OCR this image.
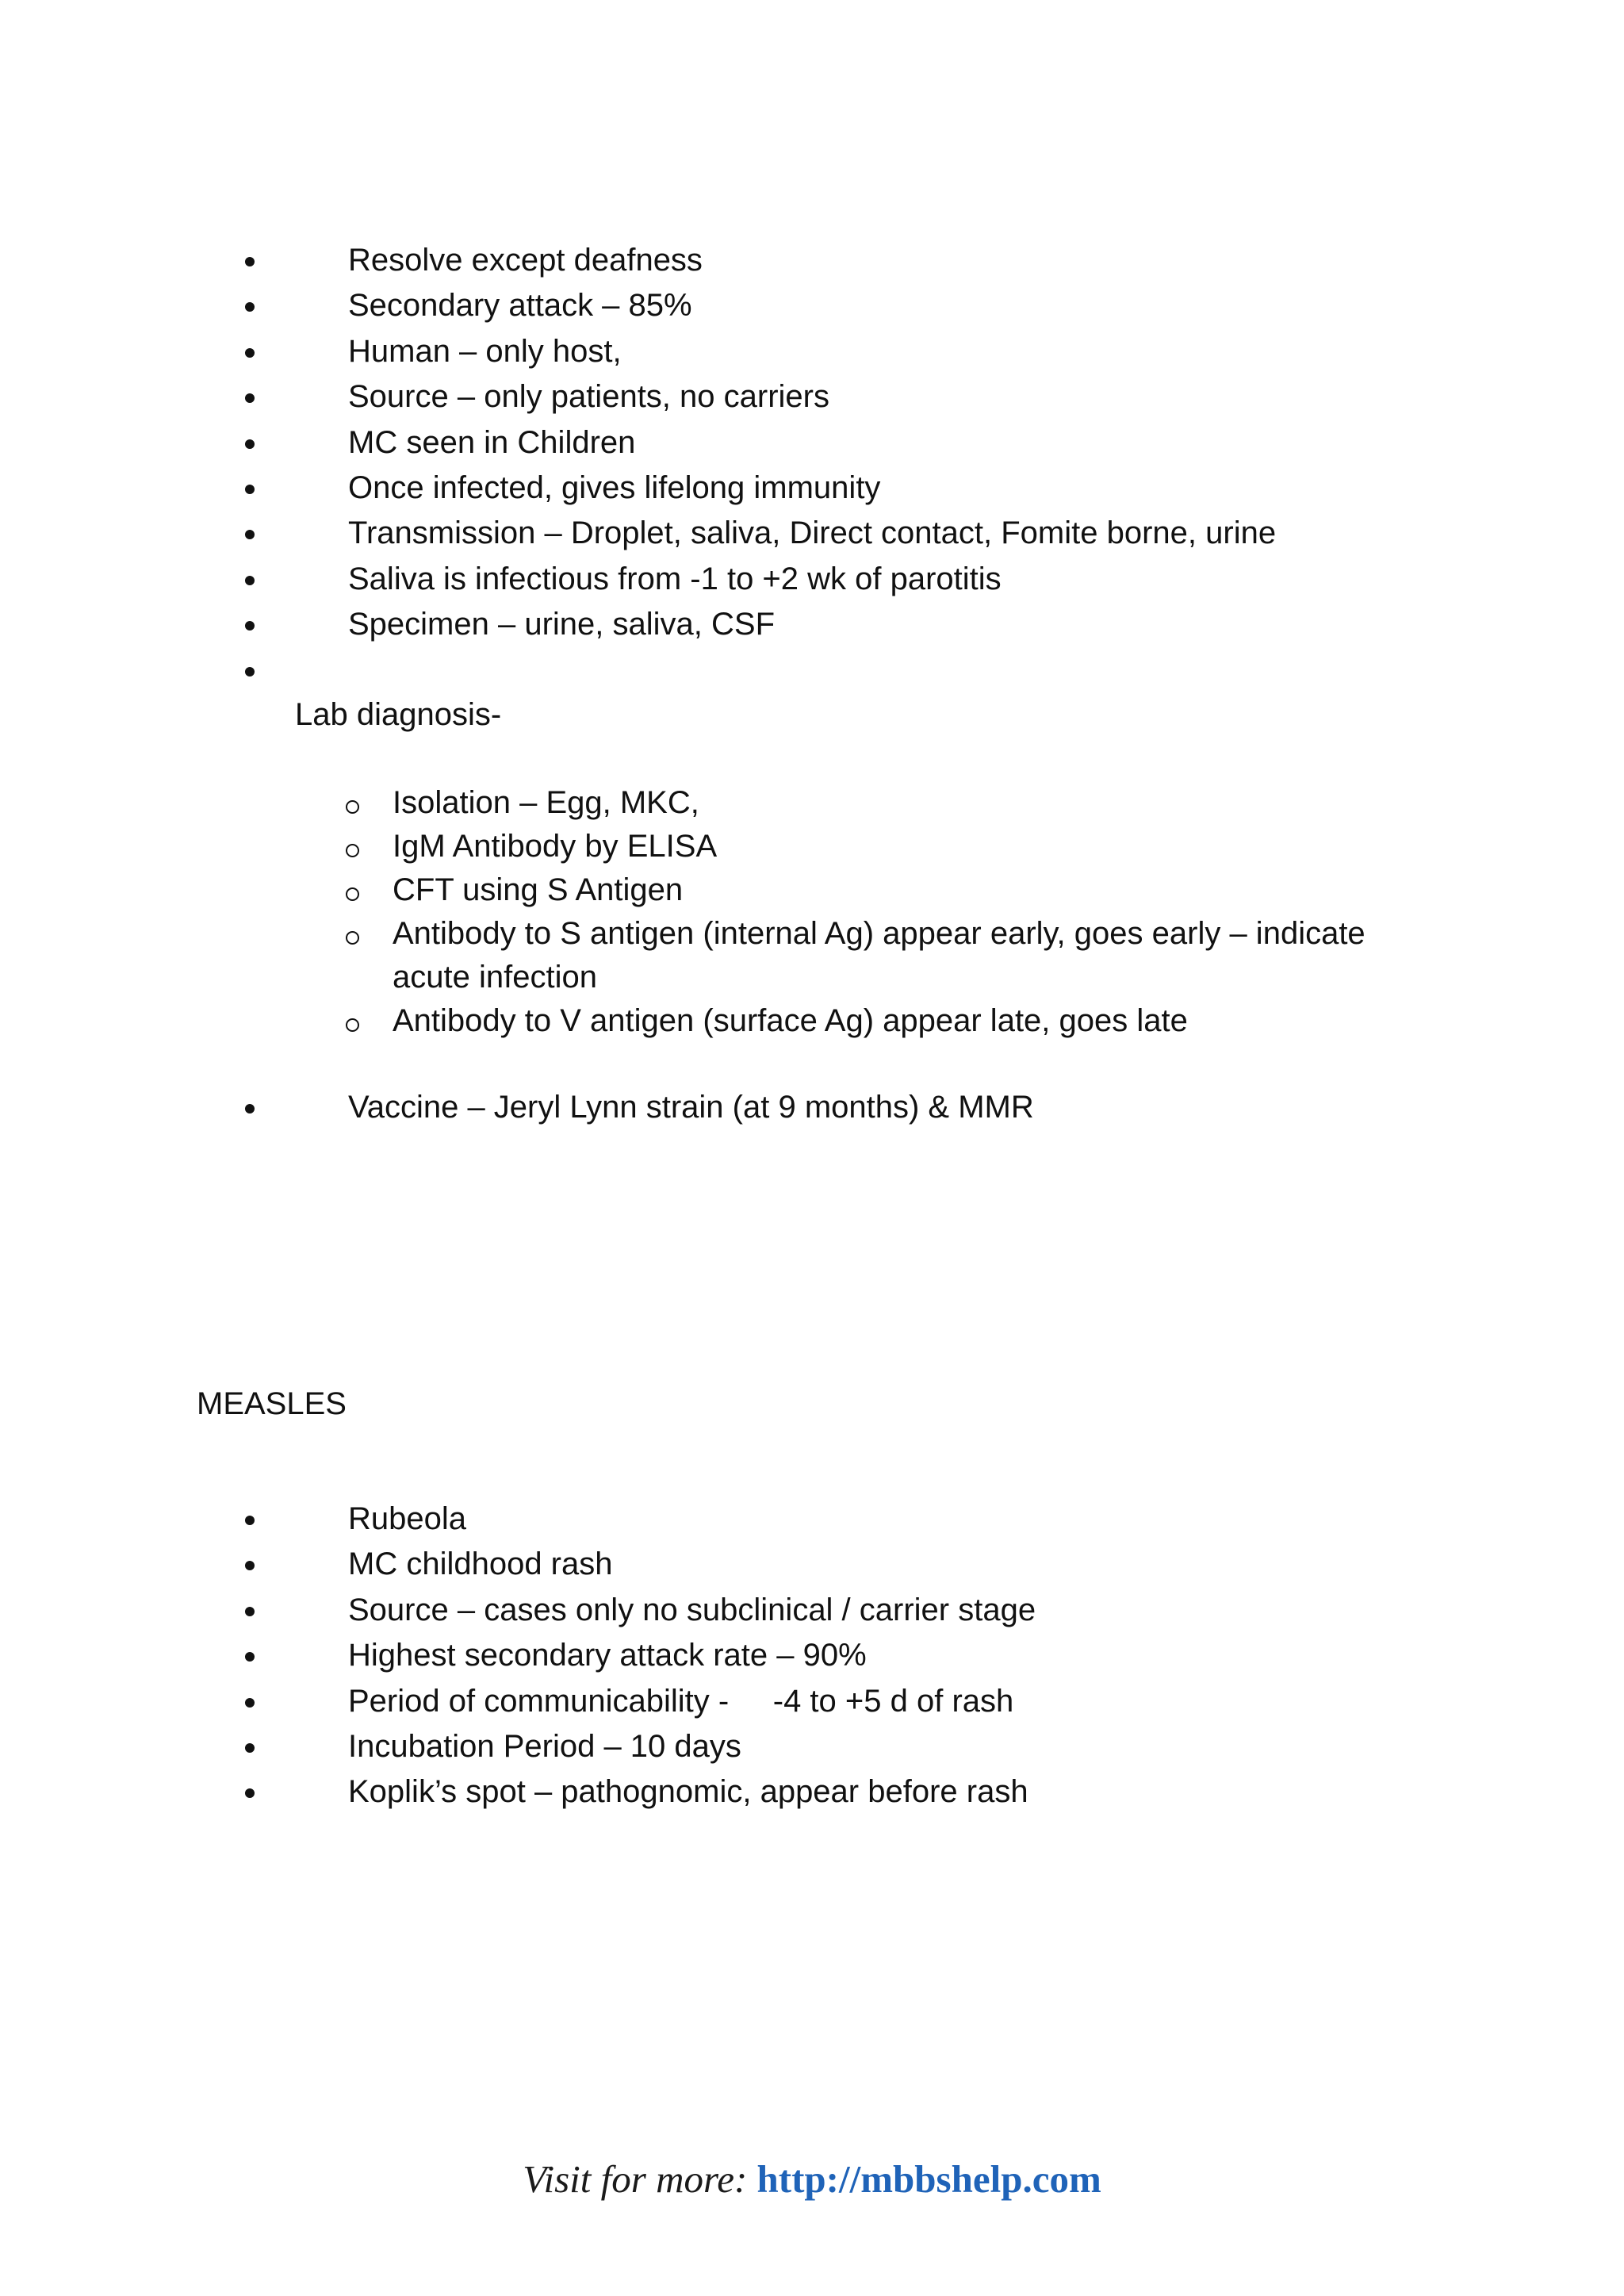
Resolve except deafness
Secondary attack – 85%
Human – only host,
Source – only patients, no carriers
MC seen in Children
Once infected, gives lifelong immunity
Transmission – Droplet, saliva, Direct contact, Fomite borne, urine
Saliva is infectious from -1 to +2 wk of parotitis
Specimen – urine, saliva, CSF
Lab diagnosis-
Isolation – Egg, MKC,
IgM Antibody by ELISA
CFT using S Antigen
Antibody to S antigen (internal Ag) appear early, goes early – indicate acute infection
Antibody to V antigen (surface Ag) appear late, goes late
Vaccine – Jeryl Lynn strain (at 9 months) & MMR
MEASLES
Rubeola
MC childhood rash
Source – cases only no subclinical / carrier stage
Highest secondary attack rate – 90%
Period of communicability -     -4 to +5 d of rash
Incubation Period – 10 days
Koplik’s spot – pathognomic, appear before rash
Visit for more: http://mbbshelp.com
